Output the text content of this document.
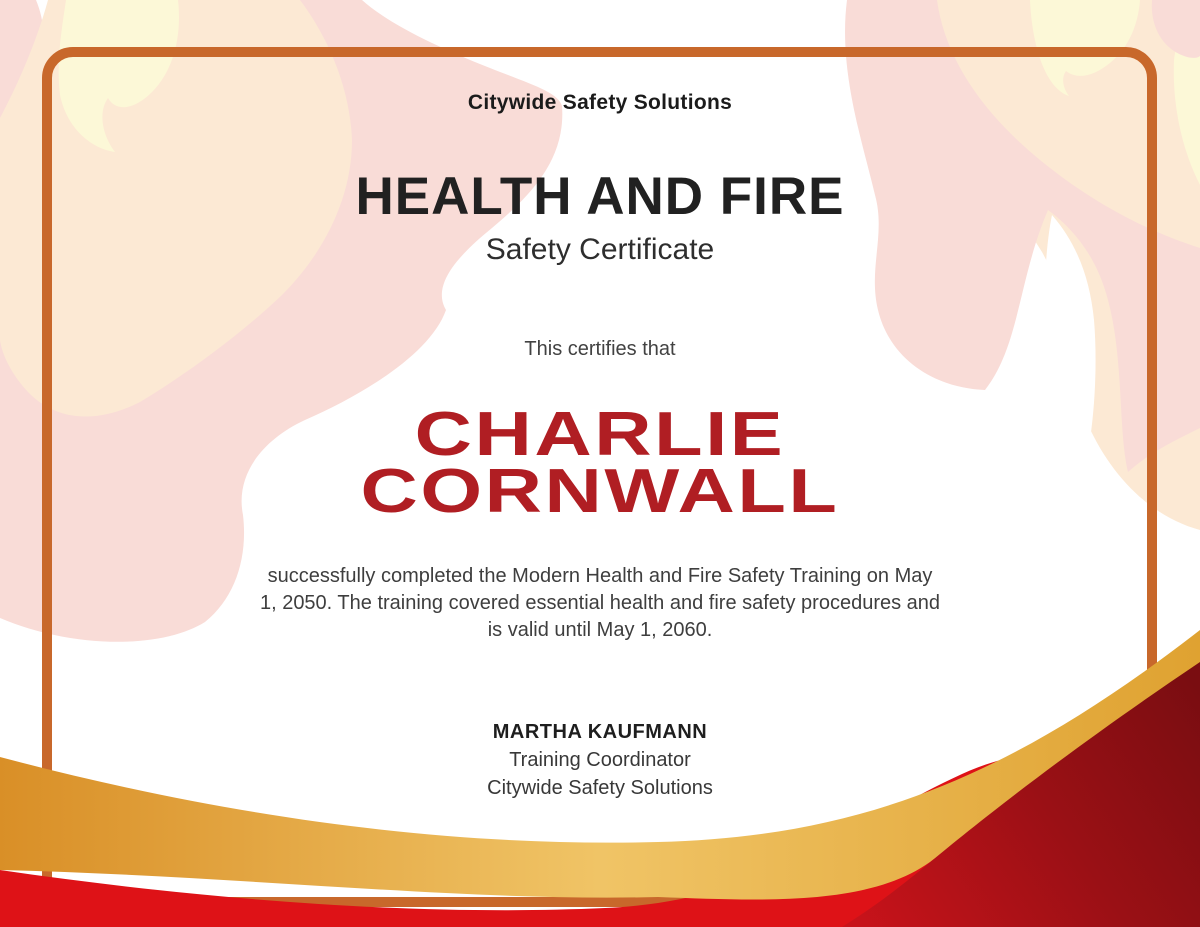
Citywide Safety Solutions
HEALTH AND FIRE
Safety Certificate
This certifies that
CHARLIE
CORNWALL
successfully completed the Modern Health and Fire Safety Training on May
1, 2050. The training covered essential health and fire safety procedures and
is valid until May 1, 2060.
MARTHA KAUFMANN
Training Coordinator
Citywide Safety Solutions
